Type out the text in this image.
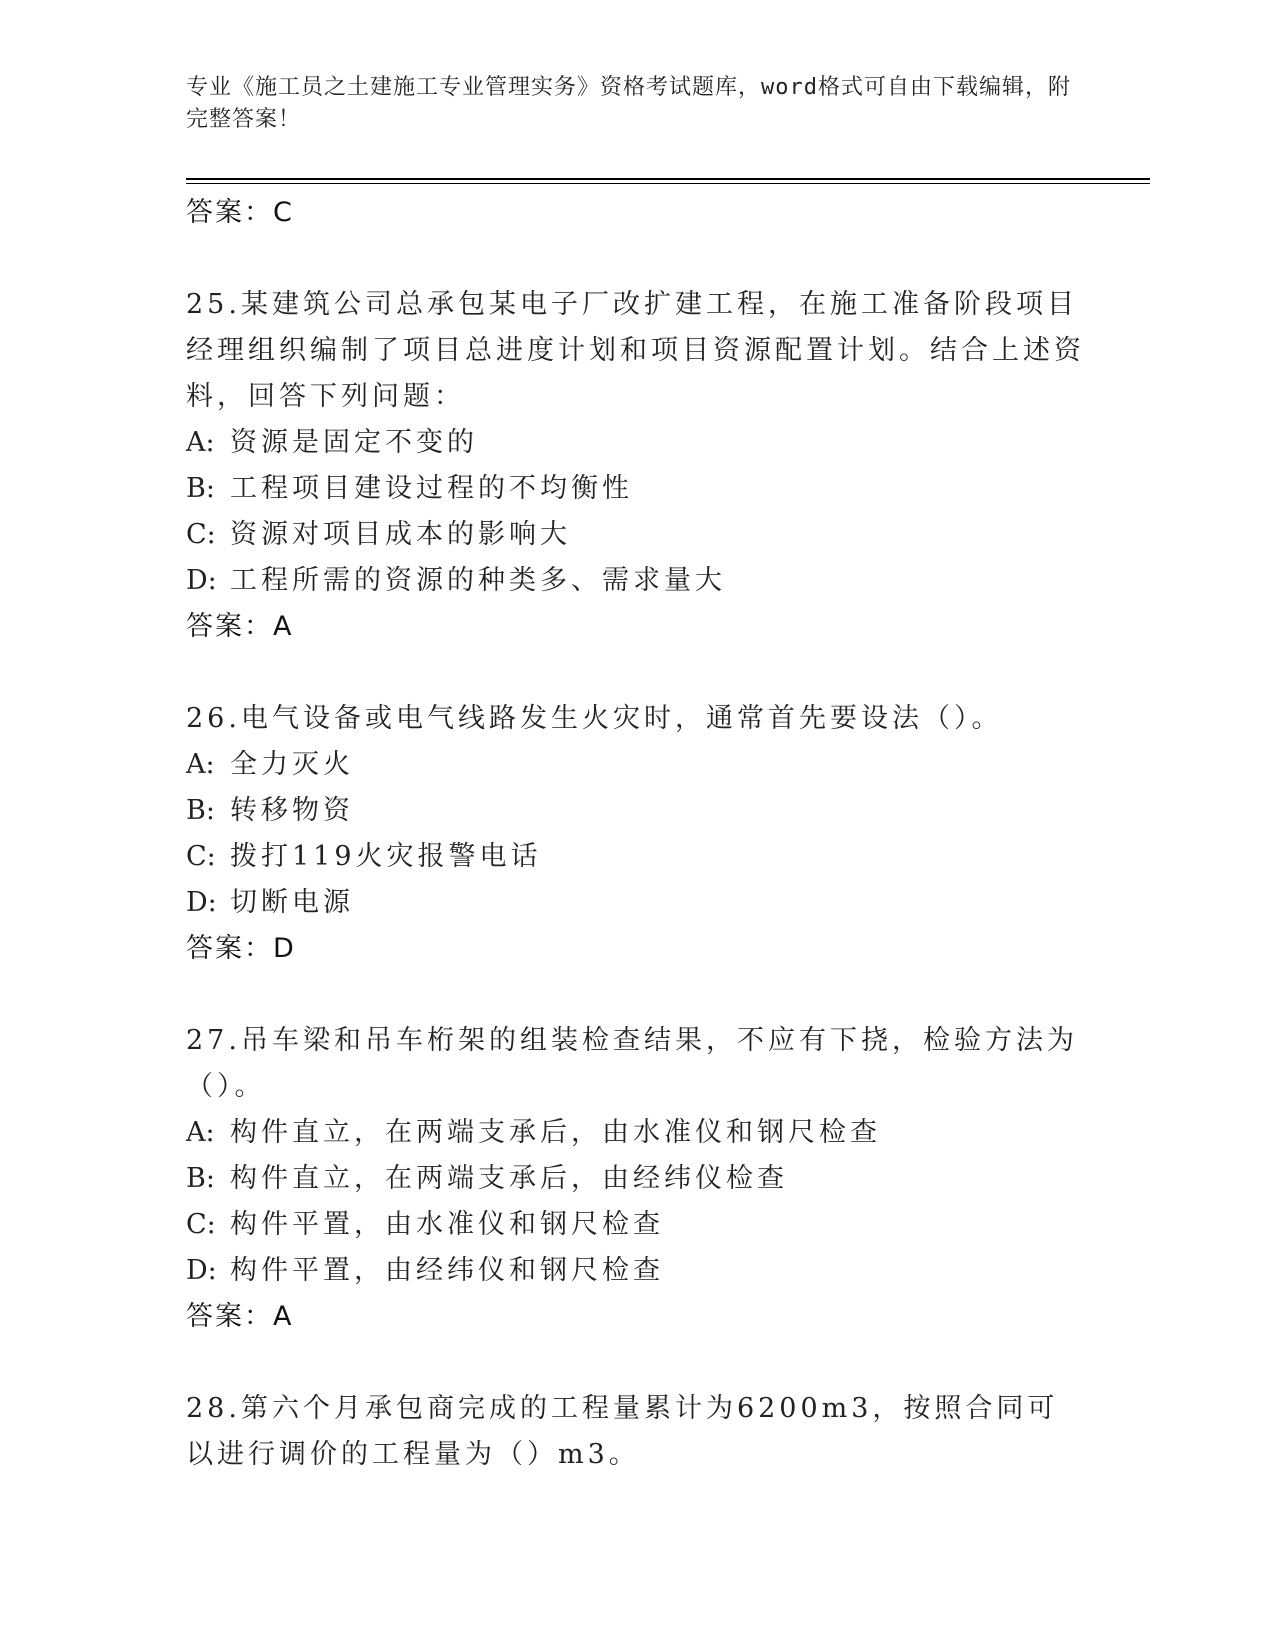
专业《施工员之土建施工专业管理实务》资格考试题库，word格式可自由下载编辑，附完整答案！
答案：C
25.某建筑公司总承包某电子厂改扩建工程，在施工准备阶段项目经理组织编制了项目总进度计划和项目资源配置计划。结合上述资料，回答下列问题：
A: 资源是固定不变的
B: 工程项目建设过程的不均衡性
C: 资源对项目成本的影响大
D: 工程所需的资源的种类多、需求量大
答案：A
26.电气设备或电气线路发生火灾时，通常首先要设法（）。
A: 全力灭火
B: 转移物资
C: 拨打119火灾报警电话
D: 切断电源
答案：D
27.吊车梁和吊车桁架的组装检查结果，不应有下挠，检验方法为（）。
A: 构件直立，在两端支承后，由水准仪和钢尺检查
B: 构件直立，在两端支承后，由经纬仪检查
C: 构件平置，由水准仪和钢尺检查
D: 构件平置，由经纬仪和钢尺检查
答案：A
28.第六个月承包商完成的工程量累计为6200m3，按照合同可以进行调价的工程量为（）m3。
